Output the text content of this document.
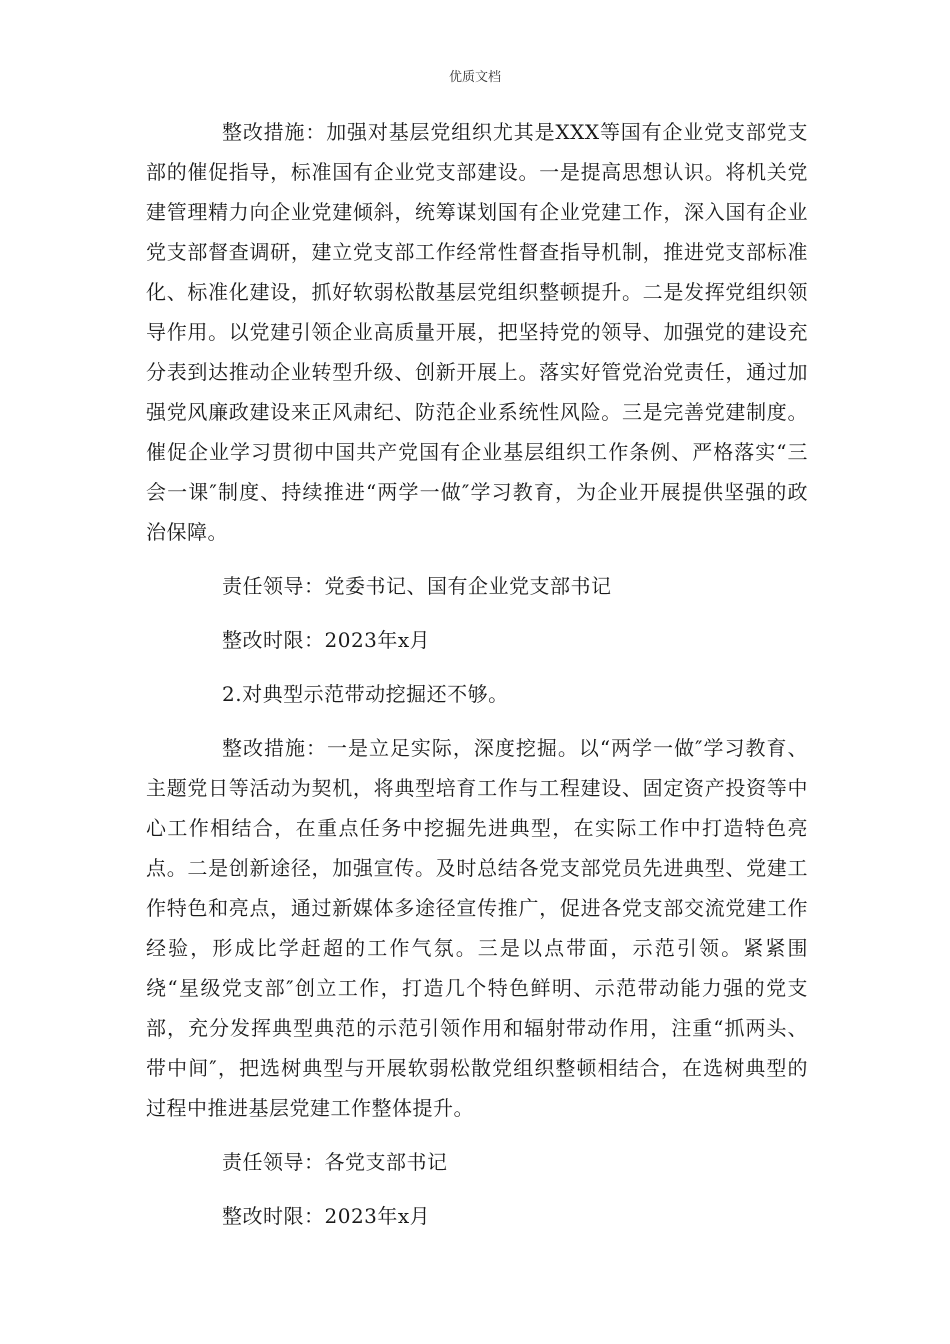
优质文档

整改措施：加强对基层党组织尤其是XXX等国有企业党支部党支部的催促指导，标准国有企业党支部建设。一是提高思想认识。将机关党建管理精力向企业党建倾斜，统筹谋划国有企业党建工作，深入国有企业党支部督查调研，建立党支部工作经常性督查指导机制，推进党支部标准化、标准化建设，抓好软弱松散基层党组织整顿提升。二是发挥党组织领导作用。以党建引领企业高质量开展，把坚持党的领导、加强党的建设充分表到达推动企业转型升级、创新开展上。落实好管党治党责任，通过加强党风廉政建设来正风肃纪、防范企业系统性风险。三是完善党建制度。催促企业学习贯彻中国共产党国有企业基层组织工作条例、严格落实“三会一课″制度、持续推进“两学一做″学习教育，为企业开展提供坚强的政治保障。

责任领导：党委书记、国有企业党支部书记

整改时限：2023年x月

2.对典型示范带动挖掘还不够。

整改措施：一是立足实际，深度挖掘。以“两学一做″学习教育、主题党日等活动为契机，将典型培育工作与工程建设、固定资产投资等中心工作相结合，在重点任务中挖掘先进典型，在实际工作中打造特色亮点。二是创新途径，加强宣传。及时总结各党支部党员先进典型、党建工作特色和亮点，通过新媒体多途径宣传推广，促进各党支部交流党建工作经验，形成比学赶超的工作气氛。三是以点带面，示范引领。紧紧围绕“星级党支部″创立工作，打造几个特色鲜明、示范带动能力强的党支部，充分发挥典型典范的示范引领作用和辐射带动作用，注重“抓两头、带中间″，把选树典型与开展软弱松散党组织整顿相结合，在选树典型的过程中推进基层党建工作整体提升。

责任领导：各党支部书记

整改时限：2023年x月
